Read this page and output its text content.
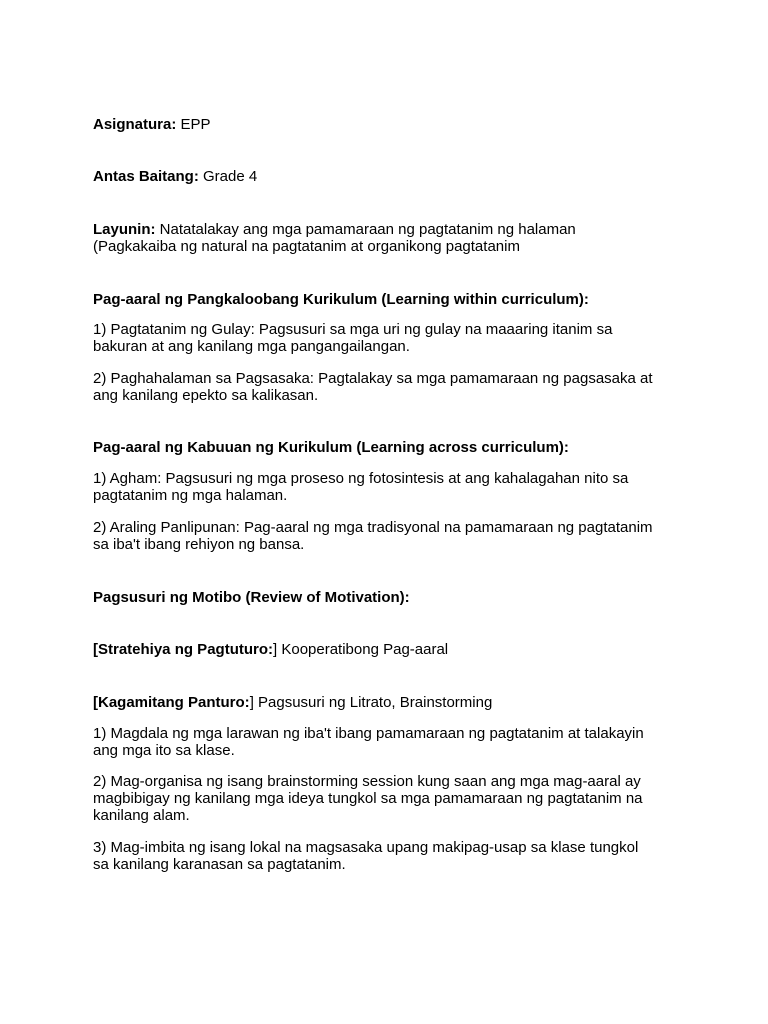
Asignatura: EPP

Antas Baitang: Grade 4

Layunin: Natatalakay ang mga pamamaraan ng pagtatanim ng halaman
(Pagkakaiba ng natural na pagtatanim at organikong pagtatanim

Pag-aaral ng Pangkaloobang Kurikulum (Learning within curriculum):

1) Pagtatanim ng Gulay: Pagsusuri sa mga uri ng gulay na maaaring itanim sa
bakuran at ang kanilang mga pangangailangan.

2) Paghahalaman sa Pagsasaka: Pagtalakay sa mga pamamaraan ng pagsasaka at
ang kanilang epekto sa kalikasan.

Pag-aaral ng Kabuuan ng Kurikulum (Learning across curriculum):

1) Agham: Pagsusuri ng mga proseso ng fotosintesis at ang kahalagahan nito sa
pagtatanim ng mga halaman.

2) Araling Panlipunan: Pag-aaral ng mga tradisyonal na pamamaraan ng pagtatanim
sa iba't ibang rehiyon ng bansa.

Pagsusuri ng Motibo (Review of Motivation):

[Stratehiya ng Pagtuturo:] Kooperatibong Pag-aaral

[Kagamitang Panturo:] Pagsusuri ng Litrato, Brainstorming

1) Magdala ng mga larawan ng iba't ibang pamamaraan ng pagtatanim at talakayin
ang mga ito sa klase.

2) Mag-organisa ng isang brainstorming session kung saan ang mga mag-aaral ay
magbibigay ng kanilang mga ideya tungkol sa mga pamamaraan ng pagtatanim na
kanilang alam.

3) Mag-imbita ng isang lokal na magsasaka upang makipag-usap sa klase tungkol
sa kanilang karanasan sa pagtatanim.
